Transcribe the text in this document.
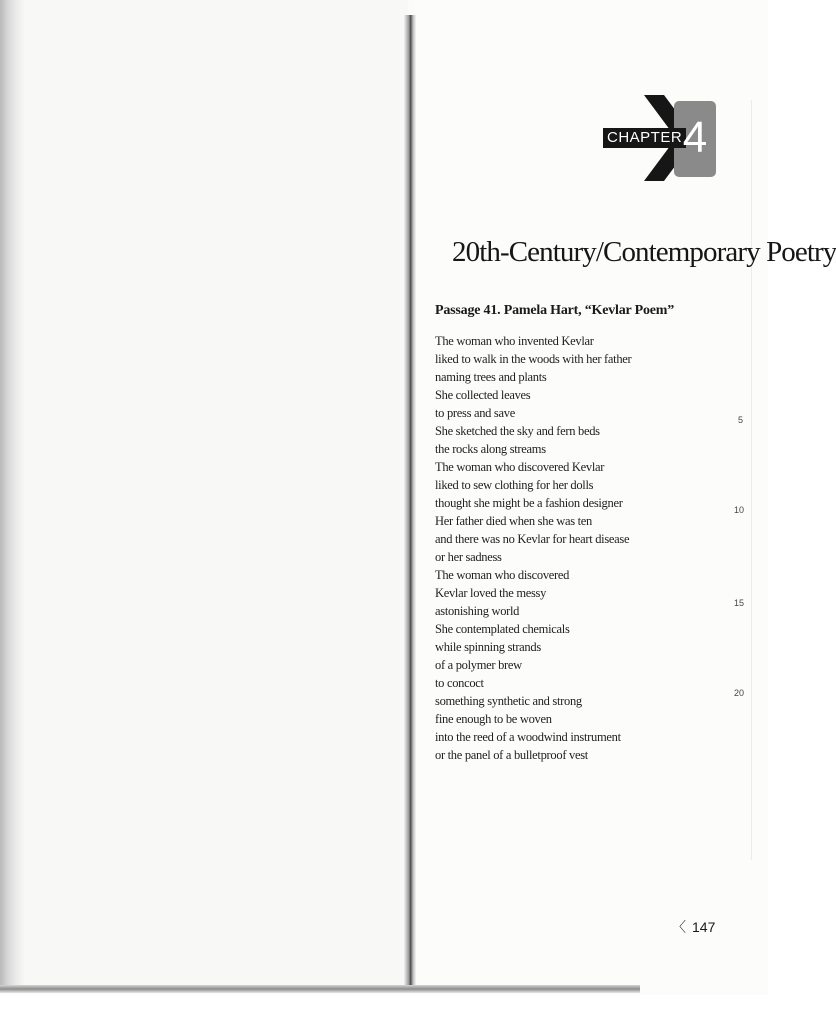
CHAPTER 4
20th-Century/Contemporary Poetry
Passage 41. Pamela Hart, “Kevlar Poem”
The woman who invented Kevlar
liked to walk in the woods with her father
naming trees and plants
She collected leaves
to press and save
She sketched the sky and fern beds
the rocks along streams
The woman who discovered Kevlar
liked to sew clothing for her dolls
thought she might be a fashion designer
Her father died when she was ten
and there was no Kevlar for heart disease
or her sadness
The woman who discovered
Kevlar loved the messy
astonishing world
She contemplated chemicals
while spinning strands
of a polymer brew
to concoct
something synthetic and strong
fine enough to be woven
into the reed of a woodwind instrument
or the panel of a bulletproof vest
5
10
15
20
〈 147
